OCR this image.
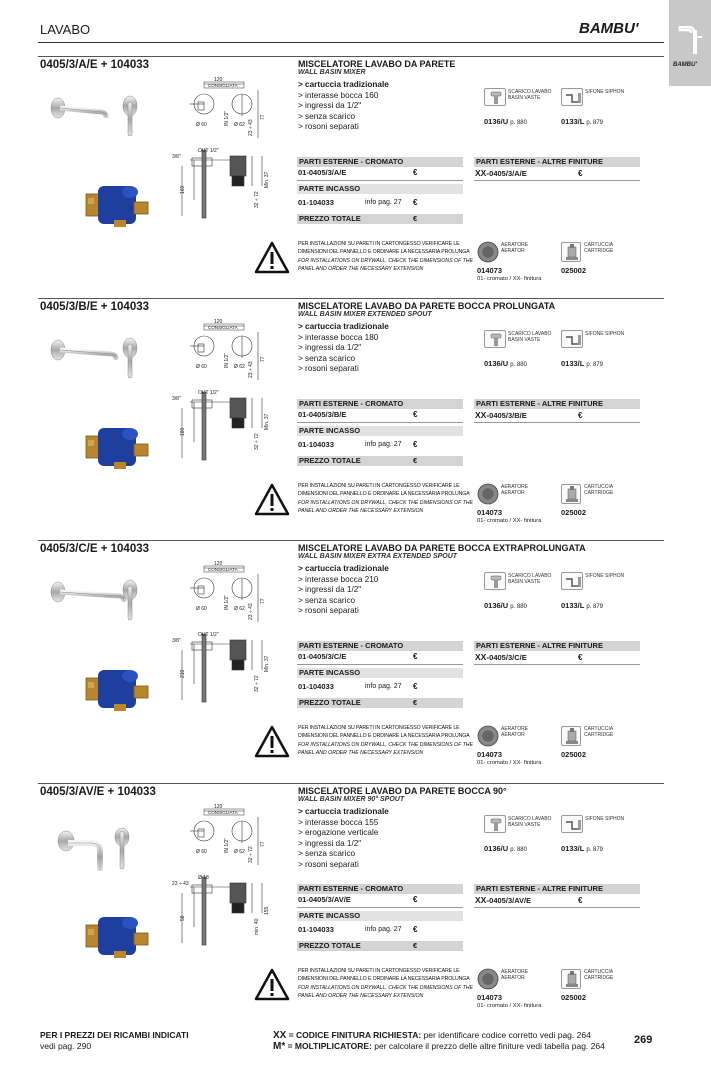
LAVABO	BAMBU'
BAMBU'
0405/3/A/E + 104033	MISCELATORE LAVABO DA PARETE
WALL BASIN MIXER
> cartuccia tradizionale
> interasse bocca 160
> ingressi da 1/2"
> senza scarico
> rosoni separati
120
CONSIGLIATA
Ø 60	Ø 62
OUT 1/2"
3/8"
160
IN 1/2"
23 ÷ 43
77
32 ÷ 72
Min. 37
SCARICO LAVABO BASIN VASTE
0136/U p. 880
SIFONE SIPHON
0133/L p. 879
PARTI ESTERNE - CROMATO
01-0405/3/A/E	€
PARTI ESTERNE - ALTRE FINITURE
XX-0405/3/A/E	€
PARTE INCASSO
01-104033	info pag. 27 €
PREZZO TOTALE	€
PER INSTALLAZIONI SU PARETI IN CARTONGESSO VERIFICARE LE DIMENSIONI DEL PANNELLO E ORDINARE LA NECESSARIA PROLUNGA
FOR INSTALLATIONS ON DRYWALL, CHECK THE DIMENSIONS OF THE PANEL AND ORDER THE NECESSARY EXTENSION
AERATORE AERATOR
014073
01- cromato / XX- finitura
CARTUCCIA CARTRIDGE
025002
0405/3/B/E + 104033	MISCELATORE LAVABO DA PARETE BOCCA PROLUNGATA
WALL BASIN MIXER EXTENDED SPOUT
> cartuccia tradizionale
> interasse bocca 180
> ingressi da 1/2"
> senza scarico
> rosoni separati
120
CONSIGLIATA
Ø 60	Ø 62
OUT 1/2"
3/8"
180
IN 1/2"
23 ÷ 43
77
32 ÷ 72
Min. 37
SCARICO LAVABO BASIN VASTE
0136/U p. 880
SIFONE SIPHON
0133/L p. 879
PARTI ESTERNE - CROMATO
01-0405/3/B/E	€
PARTI ESTERNE - ALTRE FINITURE
XX-0405/3/B/E	€
PARTE INCASSO
01-104033	info pag. 27 €
PREZZO TOTALE	€
PER INSTALLAZIONI SU PARETI IN CARTONGESSO VERIFICARE LE DIMENSIONI DEL PANNELLO E ORDINARE LA NECESSARIA PROLUNGA
FOR INSTALLATIONS ON DRYWALL, CHECK THE DIMENSIONS OF THE PANEL AND ORDER THE NECESSARY EXTENSION
AERATORE AERATOR
014073
01- cromato / XX- finitura
CARTUCCIA CARTRIDGE
025002
0405/3/C/E + 104033	MISCELATORE LAVABO DA PARETE BOCCA EXTRAPROLUNGATA
WALL BASIN MIXER EXTRA EXTENDED SPOUT
> cartuccia tradizionale
> interasse bocca 210
> ingressi da 1/2"
> senza scarico
> rosoni separati
120
CONSIGLIATA
Ø 60	Ø 62
OUT 1/2"
3/8"
210
IN 1/2"
23 ÷ 43
77
32 ÷ 72
Min. 37
SCARICO LAVABO BASIN VASTE
0136/U p. 880
SIFONE SIPHON
0133/L p. 879
PARTI ESTERNE - CROMATO
01-0405/3/C/E	€
PARTI ESTERNE - ALTRE FINITURE
XX-0405/3/C/E	€
PARTE INCASSO
01-104033	info pag. 27 €
PREZZO TOTALE	€
PER INSTALLAZIONI SU PARETI IN CARTONGESSO VERIFICARE LE DIMENSIONI DEL PANNELLO E ORDINARE LA NECESSARIA PROLUNGA
FOR INSTALLATIONS ON DRYWALL, CHECK THE DIMENSIONS OF THE PANEL AND ORDER THE NECESSARY EXTENSION
AERATORE AERATOR
014073
01- cromato / XX- finitura
CARTUCCIA CARTRIDGE
025002
0405/3/AV/E + 104033	MISCELATORE LAVABO DA PARETE BOCCA 90°
WALL BASIN MIXER 90° SPOUT
> cartuccia tradizionale
> interasse bocca 155
> erogazione verticale
> ingressi da 1/2"
> senza scarico
> rosoni separati
120
CONSIGLIATA
Ø 60	Ø 62
Ø 18
23 ÷ 43
58
IN 1/2"
32 ÷ 72
77
min. 40
155
SCARICO LAVABO BASIN VASTE
0136/U p. 880
SIFONE SIPHON
0133/L p. 879
PARTI ESTERNE - CROMATO
01-0405/3/AV/E	€
PARTI ESTERNE - ALTRE FINITURE
XX-0405/3/AV/E	€
PARTE INCASSO
01-104033	info pag. 27 €
PREZZO TOTALE	€
PER INSTALLAZIONI SU PARETI IN CARTONGESSO VERIFICARE LE DIMENSIONI DEL PANNELLO E ORDINARE LA NECESSARIA PROLUNGA
FOR INSTALLATIONS ON DRYWALL, CHECK THE DIMENSIONS OF THE PANEL AND ORDER THE NECESSARY EXTENSION
AERATORE AERATOR
014073
01- cromato / XX- finitura
CARTUCCIA CARTRIDGE
025002
PER I PREZZI DEI RICAMBI INDICATI
vedi pag. 290
XX = CODICE FINITURA RICHIESTA: per identificare codice corretto vedi pag. 264
M* = MOLTIPLICATORE: per calcolare il prezzo delle altre finiture vedi tabella pag. 264	269
